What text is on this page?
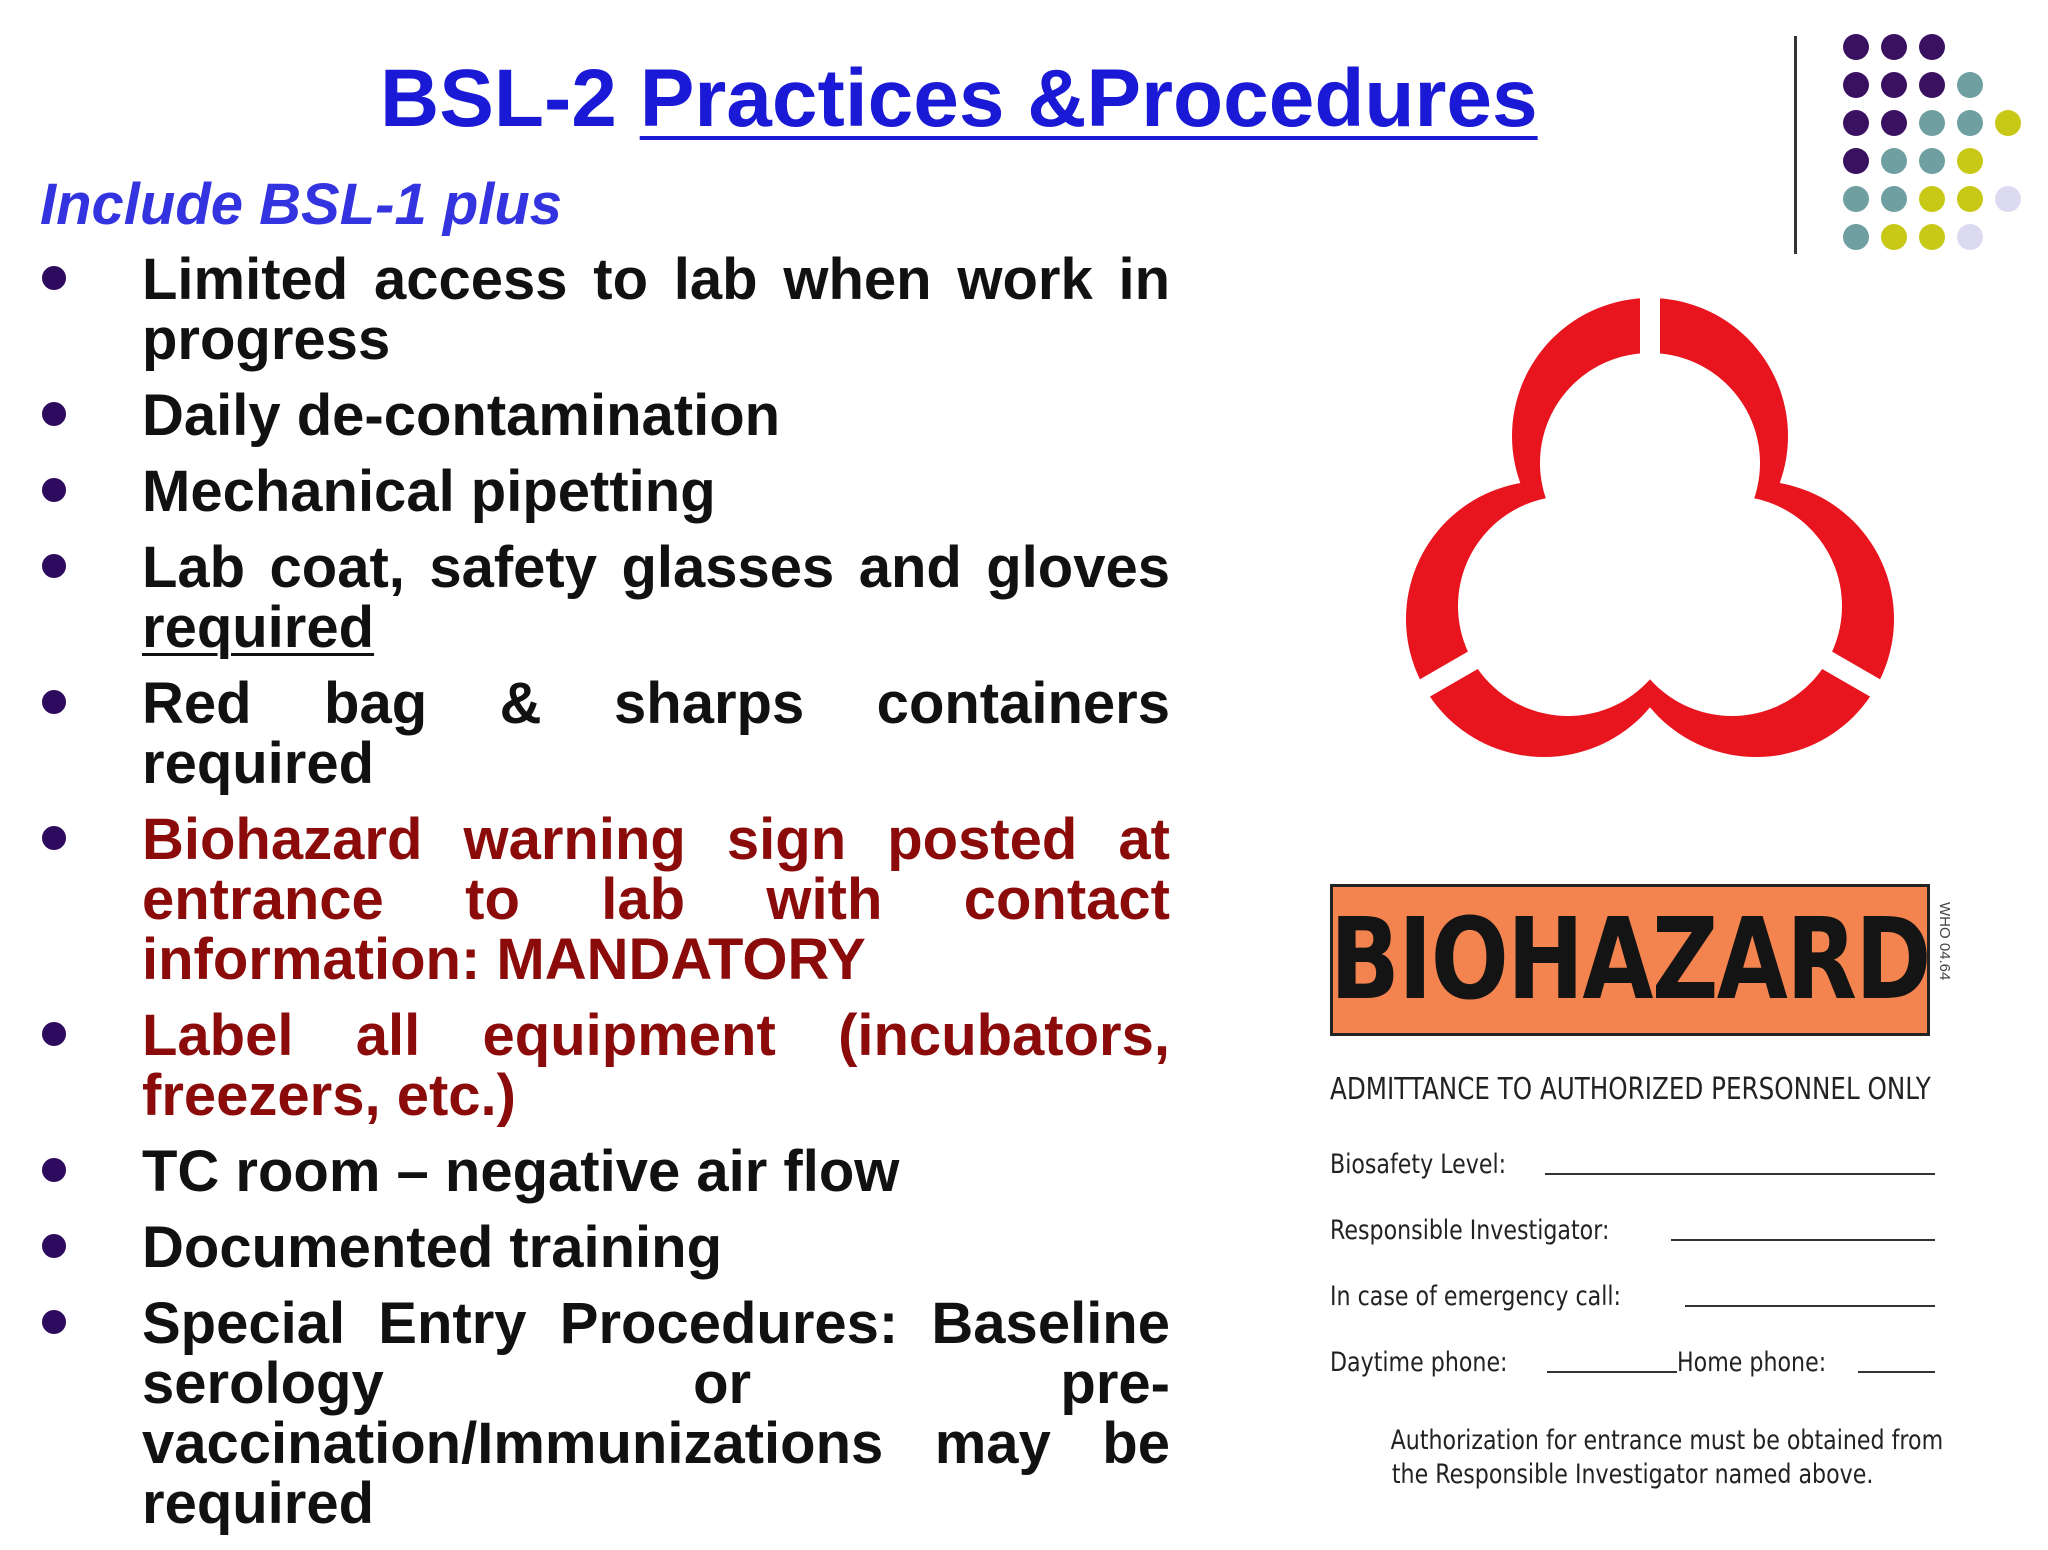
BSL-2 Practices &Procedures

Include BSL-1 plus

Limited access to lab when work in progress
Daily de-contamination
Mechanical pipetting
Lab coat, safety glasses and gloves required
Red bag & sharps containers required
Biohazard warning sign posted at entrance to lab with contact information: MANDATORY
Label all equipment (incubators, freezers, etc.)
TC room – negative air flow
Documented training
Special Entry Procedures: Baseline serology or pre-vaccination/Immunizations may be required
BIOHAZARD WHO 04.64
ADMITTANCE TO AUTHORIZED PERSONNEL ONLY
Biosafety Level:
Responsible Investigator:
In case of emergency call:
Daytime phone:	Home phone:
Authorization for entrance must be obtained from
the Responsible Investigator named above.
